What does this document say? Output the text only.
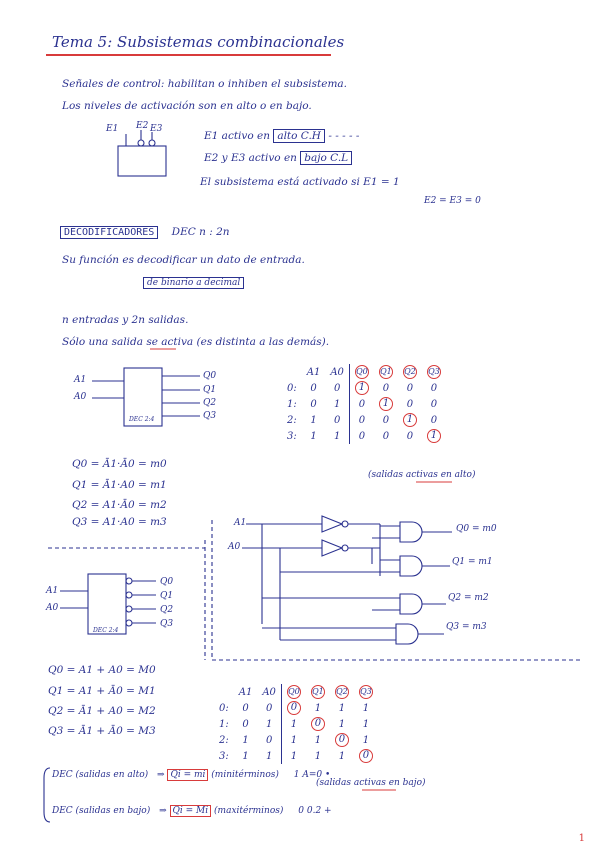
Tema 5: Subsistemas combinacionales
Señales de control: habilitan o inhiben el subsistema.
Los niveles de activación son en alto o en bajo.
E1 E2 E3
E1 activo en alto C.H - - - - -
E2 y E3 activo en bajo C.L
El subsistema está activado si E1 = 1
E2 = E3 = 0
DECODIFICADORES DEC n : 2n
Su función es decodificar un dato de entrada.
de binario a decimal
n entradas y 2n salidas.
Sólo una salida se activa (es distinta a las demás).
A1
A0
DEC 2:4
Q0
Q1
Q2
Q3
Q0 = Ā1·Ā0 = m0
Q1 = Ā1·A0 = m1
Q2 = A1·Ā0 = m2
Q3 = A1·A0 = m3
	A1	A0	Q0	Q1	Q2	Q3
0:	0	0	1	0	0	0
1:	0	1	0	1	0	0
2:	1	0	0	0	1	0
3:	1	1	0	0	0	1
(salidas activas en alto)
A1
A0
Q0 = m0
Q1 = m1
Q2 = m2
Q3 = m3
A1
A0
DEC 2:4
Q0
Q1
Q2
Q3
Q0 = A1 + A0 = M0
Q1 = A1 + Ā0 = M1
Q2 = Ā1 + A0 = M2
Q3 = Ā1 + Ā0 = M3
	A1	A0	Q0	Q1	Q2	Q3
0:	0	0	0	1	1	1
1:	0	1	1	0	1	1
2:	1	0	1	1	0	1
3:	1	1	1	1	1	0
(salidas activas en bajo)
DEC (salidas en alto) ⇒ Qi = mi (minitérminos) 1 A=0 •
DEC (salidas en bajo) ⇒ Qi = Mi (maxitérminos) 0 0.2 +
1
